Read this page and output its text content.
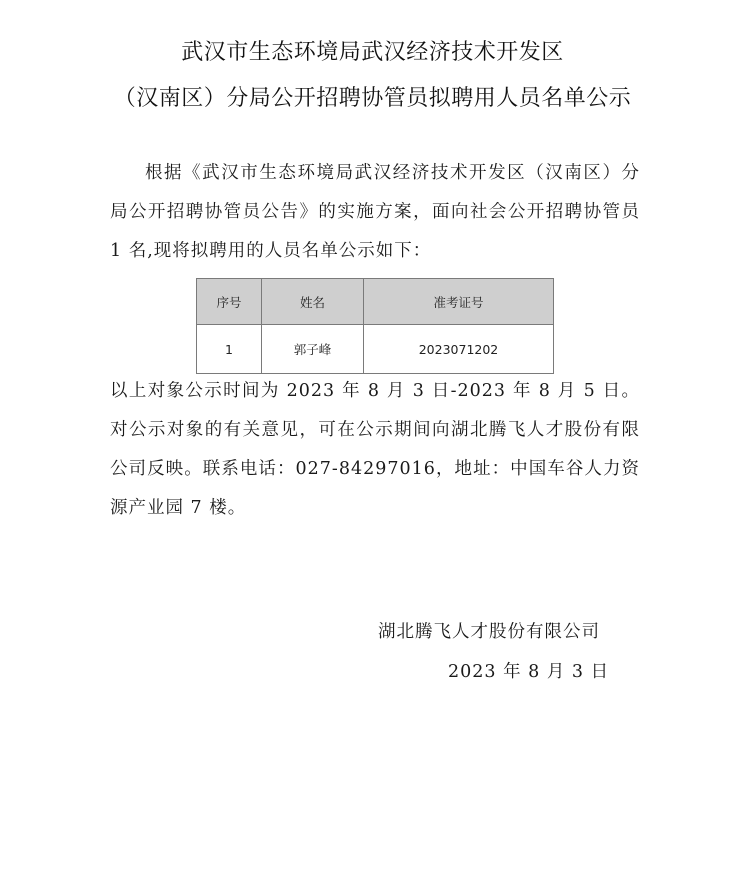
武汉市生态环境局武汉经济技术开发区
（汉南区）分局公开招聘协管员拟聘用人员名单公示
根据《武汉市生态环境局武汉经济技术开发区（汉南区）分局公开招聘协管员公告》的实施方案，面向社会公开招聘协管员 1 名,现将拟聘用的人员名单公示如下：
序号	姓名	准考证号
1	郭子峰	2023071202
以上对象公示时间为 2023 年 8 月 3 日-2023 年 8 月 5 日。对公示对象的有关意见，可在公示期间向湖北腾飞人才股份有限公司反映。联系电话：027-84297016，地址：中国车谷人力资源产业园 7 楼。
湖北腾飞人才股份有限公司
2023 年 8 月 3 日
